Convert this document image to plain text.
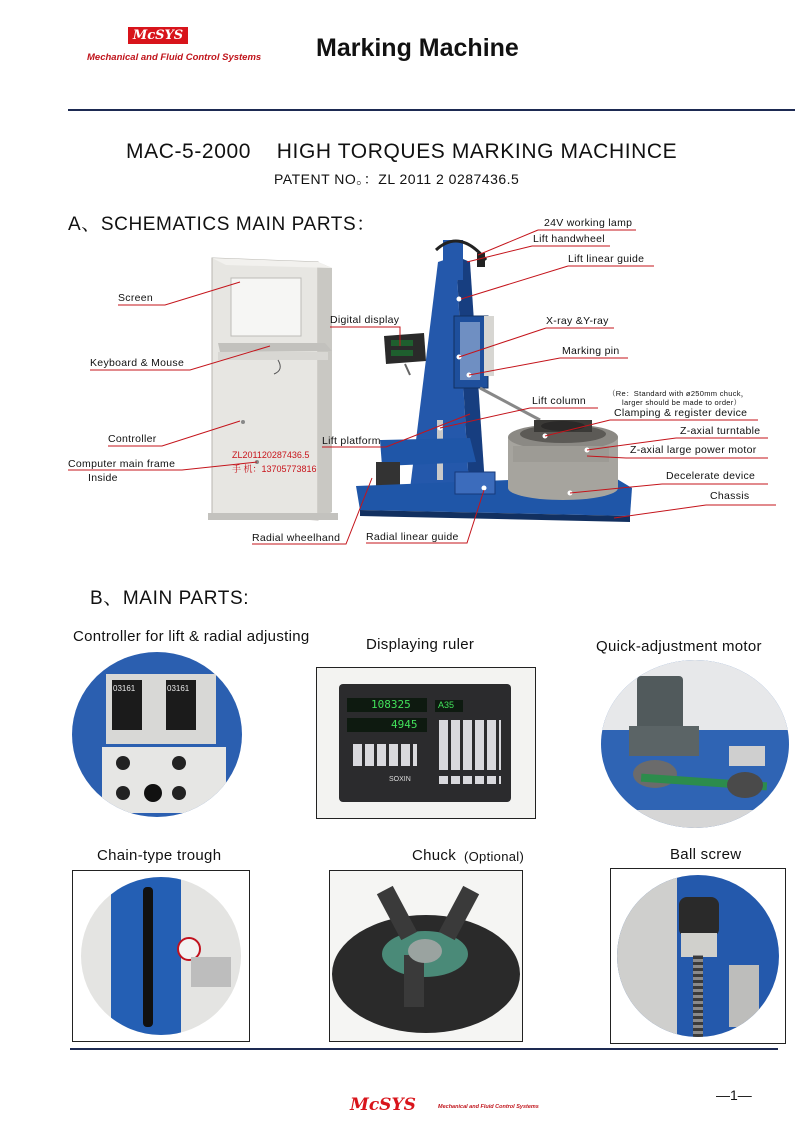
McSYS
Mechanical and Fluid Control Systems Marking Machine
MAC-5-2000    HIGH TORQUES MARKING MACHINCE
PATENT NO。：ZL 2011 2 0287436.5
A、SCHEMATICS MAIN PARTS：
ZL201120287436.5
手 机：13705773816
Screen
Keyboard & Mouse
Controller
Computer main frame
Inside
Digital display
Lift platform
Radial wheelhand Radial linear guide
24V working lamp
Lift handwheel
Lift linear guide
X-ray &Y-ray
Marking pin
Lift column
（Re：Standard with ø250mm chuck，
larger should be made to order）
Clamping & register device
Z-axial turntable
Z-axial large power motor
Decelerate device
Chassis
B、MAIN PARTS:
Controller for lift & radial adjusting	Displaying ruler	Quick-adjustment motor
03161	03161
108325
4945
A35
SOXIN
Chain-type trough	Chuck (Optional)	Ball screw
—1—
McSYS	Mechanical and Fluid Control Systems
